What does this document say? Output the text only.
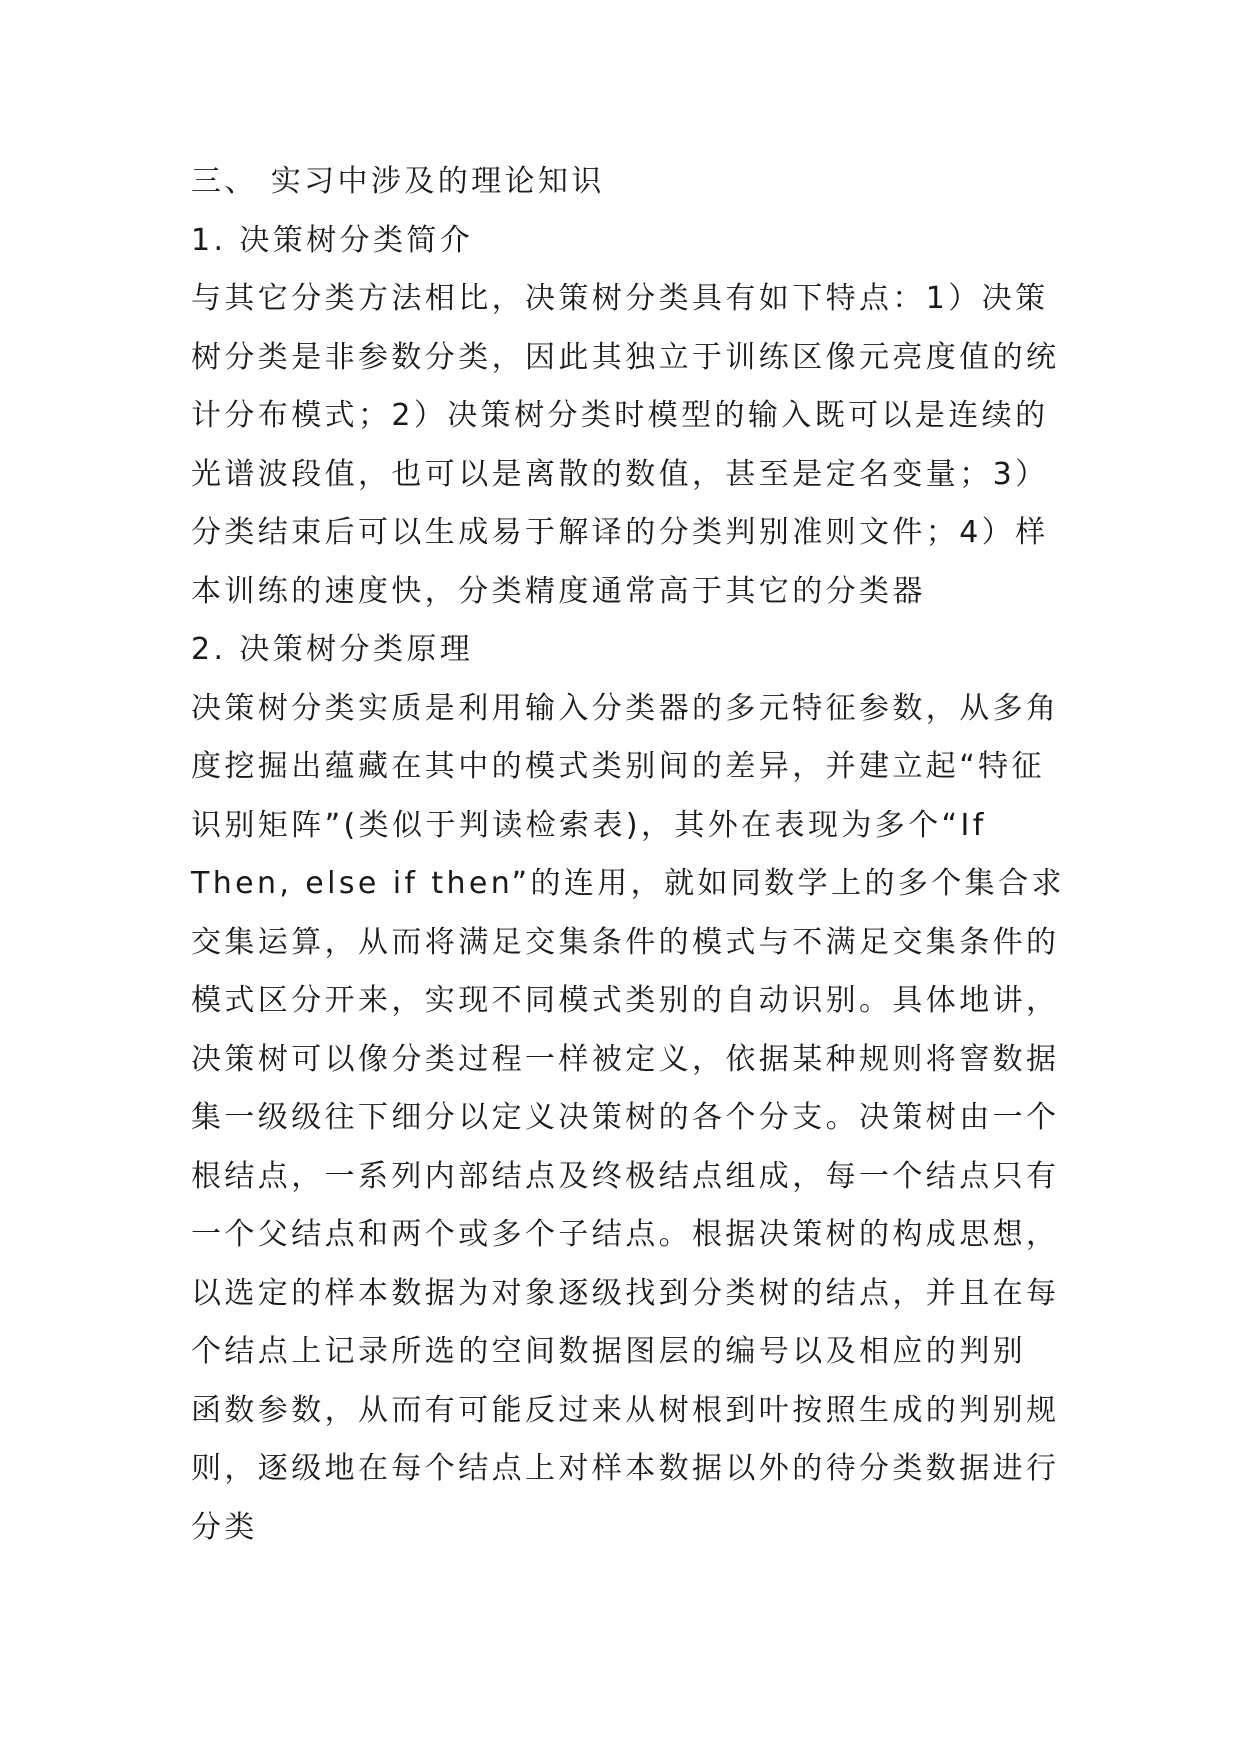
三、 实习中涉及的理论知识
1. 决策树分类简介
与其它分类方法相比，决策树分类具有如下特点：1）决策
树分类是非参数分类，因此其独立于训练区像元亮度值的统
计分布模式；2）决策树分类时模型的输入既可以是连续的
光谱波段值，也可以是离散的数值，甚至是定名变量；3）
分类结束后可以生成易于解译的分类判别准则文件；4）样
本训练的速度快，分类精度通常高于其它的分类器
2. 决策树分类原理
决策树分类实质是利用输入分类器的多元特征参数，从多角
度挖掘出蕴藏在其中的模式类别间的差异，并建立起“特征
识别矩阵”(类似于判读检索表)，其外在表现为多个“If
Then, else if then”的连用，就如同数学上的多个集合求
交集运算，从而将满足交集条件的模式与不满足交集条件的
模式区分开来，实现不同模式类别的自动识别。具体地讲，
决策树可以像分类过程一样被定义，依据某种规则将窨数据
集一级级往下细分以定义决策树的各个分支。决策树由一个
根结点，一系列内部结点及终极结点组成，每一个结点只有
一个父结点和两个或多个子结点。根据决策树的构成思想，
以选定的样本数据为对象逐级找到分类树的结点，并且在每
个结点上记录所选的空间数据图层的编号以及相应的判别
函数参数，从而有可能反过来从树根到叶按照生成的判别规
则，逐级地在每个结点上对样本数据以外的待分类数据进行
分类
